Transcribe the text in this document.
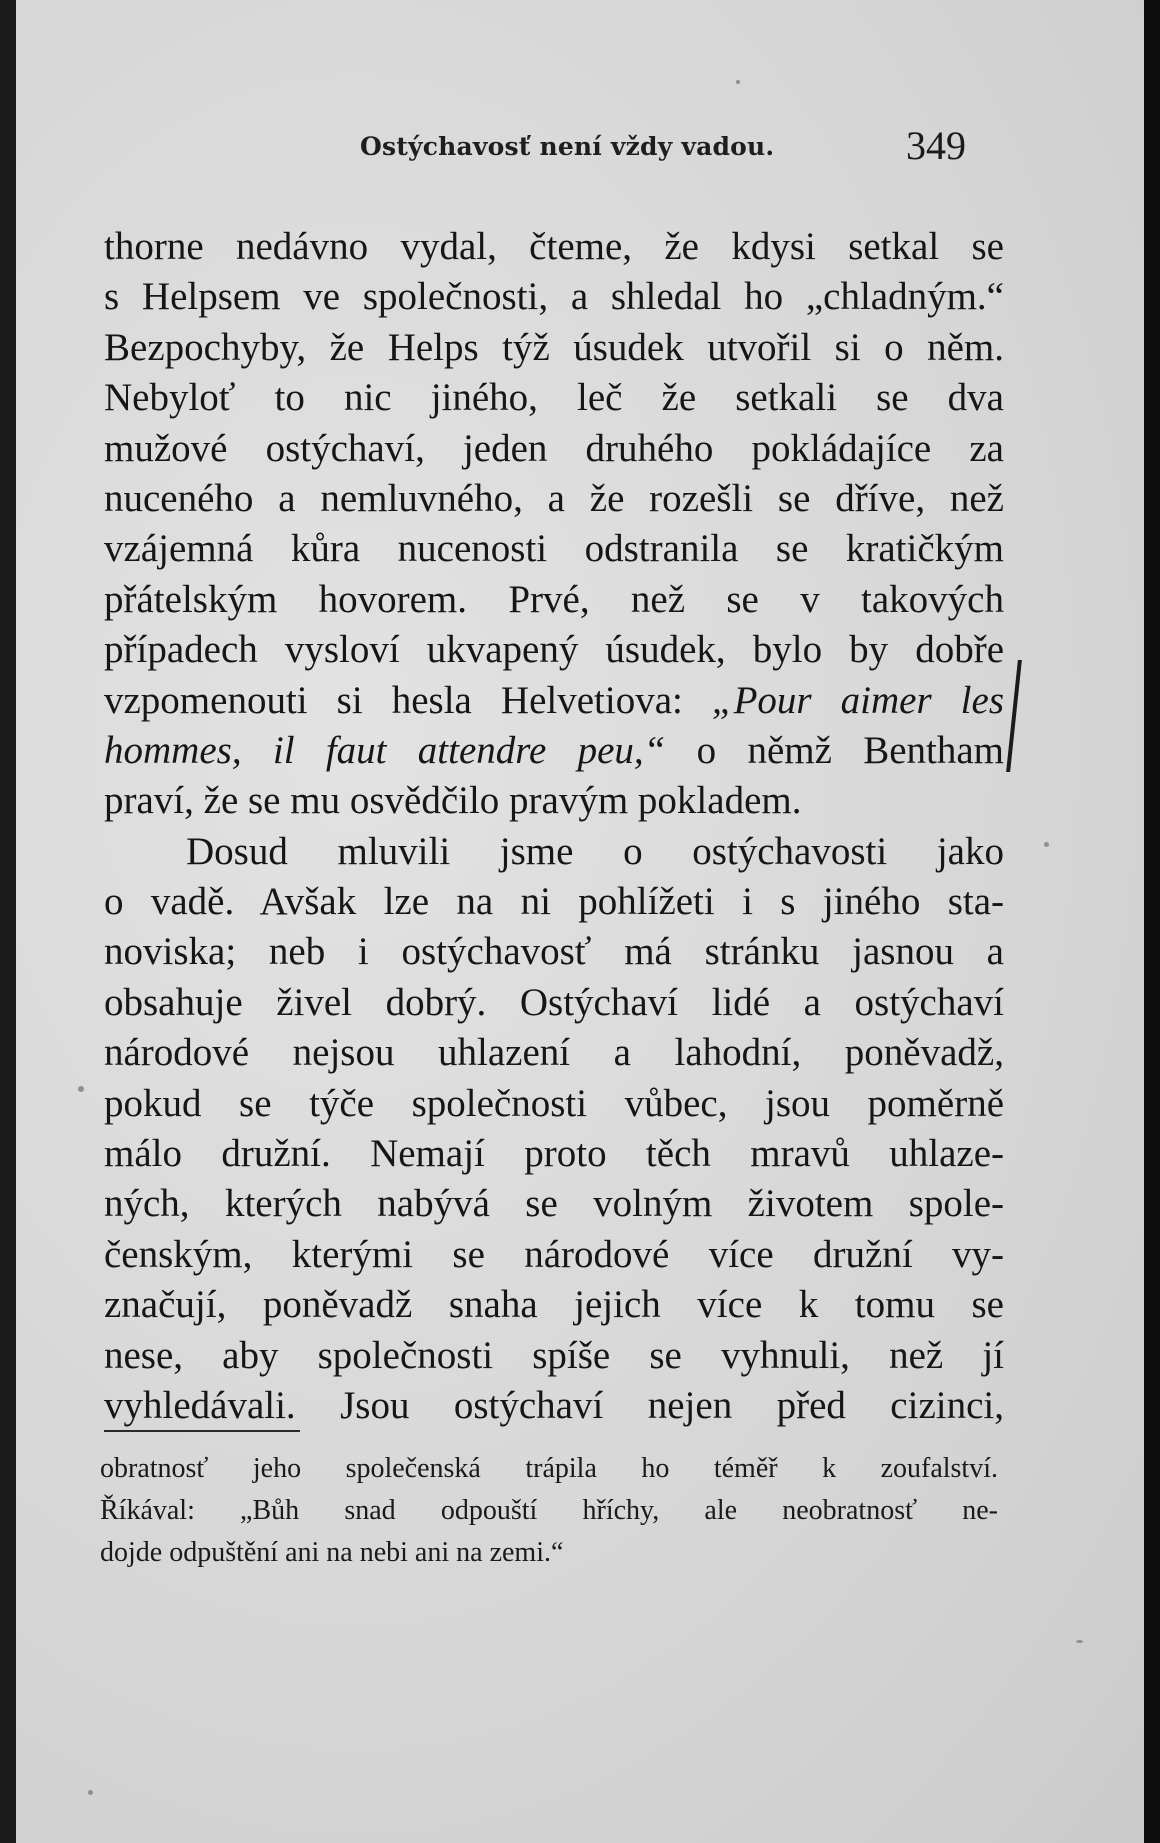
Ostýchavosť není vždy vadou.	349
thorne nedávno vydal, čteme, že kdysi setkal se
s Helpsem ve společnosti, a shledal ho „chladným.“
Bezpochyby, že Helps týž úsudek utvořil si o něm.
Nebyloť to nic jiného, leč že setkali se dva
mužové ostýchaví, jeden druhého pokládajíce za
nuceného a nemluvného, a že rozešli se dříve, než
vzájemná kůra nucenosti odstranila se kratičkým
přátelským hovorem. Prvé, než se v takových
případech vysloví ukvapený úsudek, bylo by dobře
vzpomenouti si hesla Helvetiova: „Pour aimer les
hommes, il faut attendre peu,“ o němž Bentham
praví, že se mu osvědčilo pravým pokladem.
Dosud mluvili jsme o ostýchavosti jako
o vadě. Avšak lze na ni pohlížeti i s jiného sta-
noviska; neb i ostýchavosť má stránku jasnou a
obsahuje živel dobrý. Ostýchaví lidé a ostýchaví
národové nejsou uhlazení a lahodní, poněvadž,
pokud se týče společnosti vůbec, jsou poměrně
málo družní. Nemají proto těch mravů uhlaze-
ných, kterých nabývá se volným životem spole-
čenským, kterými se národové více družní vy-
značují, poněvadž snaha jejich více k tomu se
nese, aby společnosti spíše se vyhnuli, než jí
vyhledávali. Jsou ostýchaví nejen před cizinci,
obratnosť jeho společenská trápila ho téměř k zoufalství.
Říkával: „Bůh snad odpouští hříchy, ale neobratnosť ne-
dojde odpuštění ani na nebi ani na zemi.“
